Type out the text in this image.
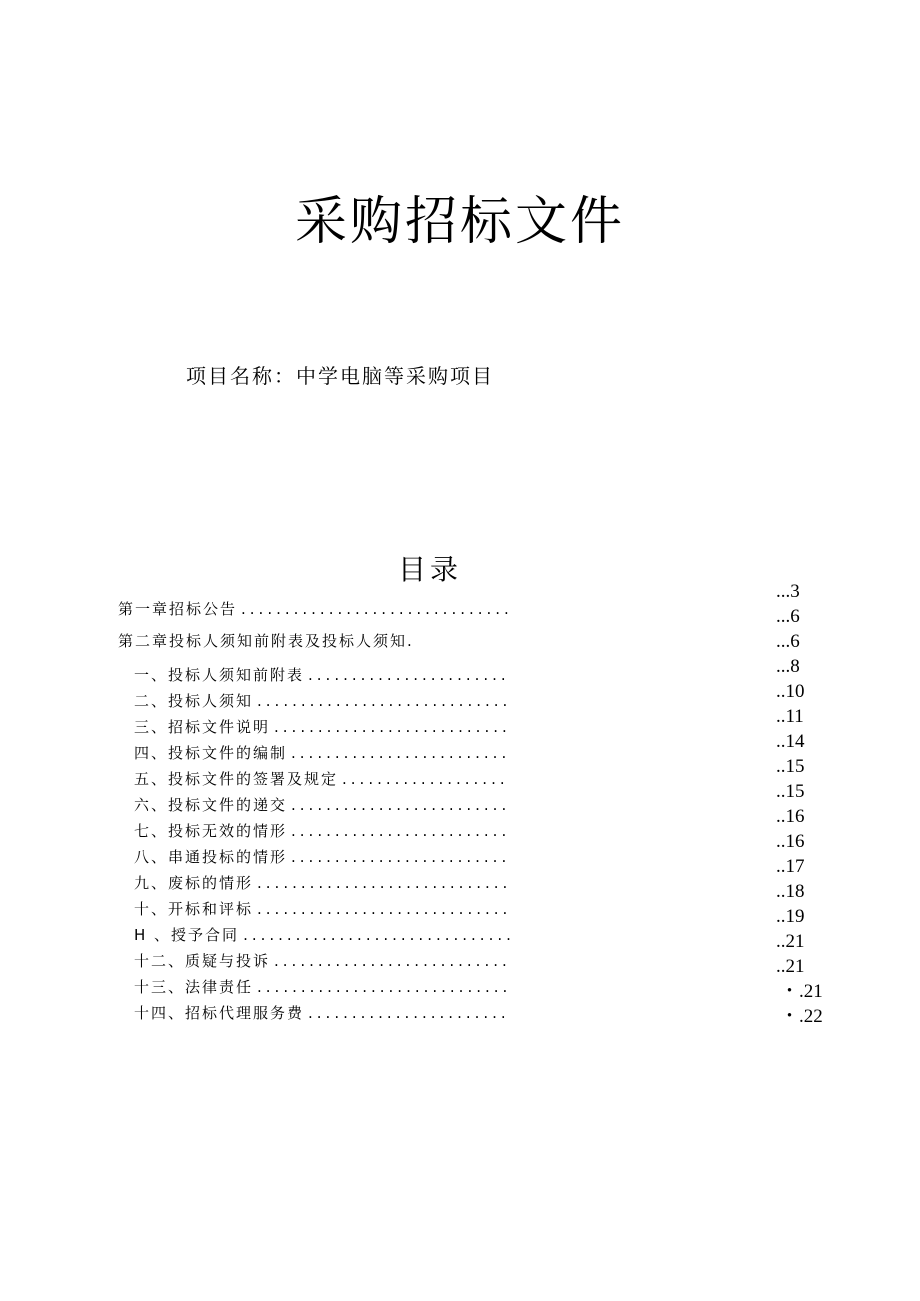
采购招标文件
项目名称：中学电脑等采购项目
目录
第一章招标公告
.....
第二章投标人须知前附表及投标人须知.
一、投标人须知前附表
.....
二、投标人须知
.....
三、招标文件说明
.....
四、投标文件的编制
.....
五、投标文件的签署及规定
.....
六、投标文件的递交
.....
七、投标无效的情形
.....
八、串通投标的情形
.....
九、废标的情形
.....
十、开标和评标
.....
H 、授予合同
.....
十二、质疑与投诉
.....
十三、法律责任
.....
十四、招标代理服务费
.....
...3
...6
...6
...8
..10
..11
..14
..15
..15
..16
..16
..17
..18
..19
..21
..21
・.21
・.22
